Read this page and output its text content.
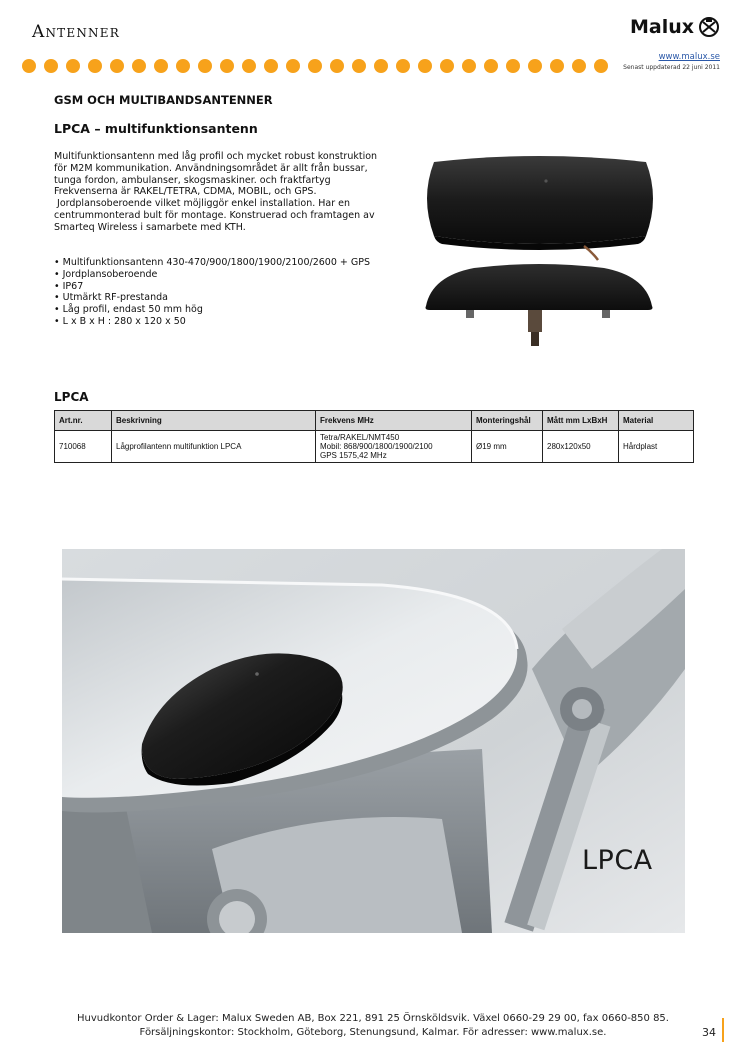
Antenner	Malux
www.malux.se
Senast uppdaterad 22 juni 2011
GSM OCH MULTIBANDSANTENNER
LPCA – multifunktionsantenn
Multifunktionsantenn med låg profil och mycket robust konstruktion
för M2M kommunikation. Användningsområdet är allt från bussar,
tunga fordon, ambulanser, skogsmaskiner. och fraktfartyg
Frekvenserna är RAKEL/TETRA, CDMA, MOBIL, och GPS.
Jordplansoberoende vilket möjliggör enkel installation. Har en
centrummonterad bult för montage. Konstruerad och framtagen av
Smarteq Wireless i samarbete med KTH.
• Multifunktionsantenn 430-470/900/1800/1900/2100/2600 + GPS
• Jordplansoberoende
• IP67
• Utmärkt RF-prestanda
• Låg profil, endast 50 mm hög
• L x B x H : 280 x 120 x 50
LPCA
Art.nr.	Beskrivning	Frekvens MHz	Monteringshål	Mått mm LxBxH	Material
710068	Lågprofilantenn multifunktion LPCA	Tetra/RAKEL/NMT450
Mobil: 868/900/1800/1900/2100
GPS 1575,42 MHz	Ø19 mm	280x120x50	Hårdplast
LPCA
Huvudkontor Order & Lager: Malux Sweden AB, Box 221, 891 25 Örnsköldsvik. Växel 0660-29 29 00, fax 0660-850 85.
Försäljningskontor: Stockholm, Göteborg, Stenungsund, Kalmar. För adresser: www.malux.se.	34
